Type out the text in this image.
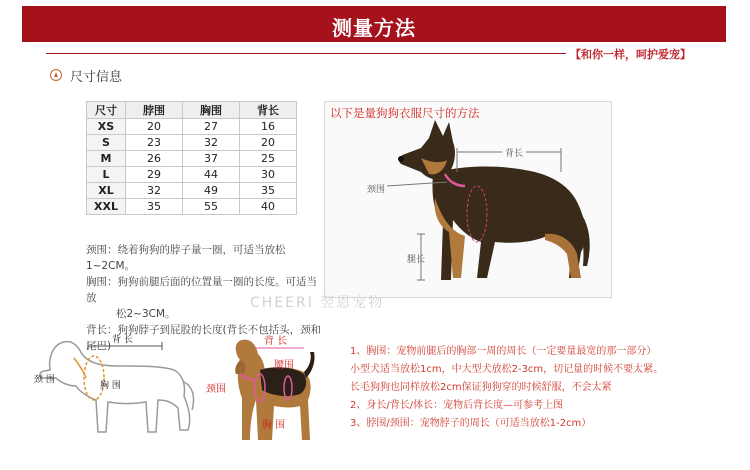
测量方法
【和你一样，呵护爱宠】
尺寸信息
尺寸	脖围	胸围	背长
XS	20	27	16
S	23	32	20
M	26	37	25
L	29	44	30
XL	32	49	35
XXL	35	55	40

颈围：绕着狗狗的脖子量一圈，可适当放松1~2CM。

胸围：狗狗前腿后面的位置量一圈的长度。可适当放

松2~3CM。

背长：狗狗脖子到屁股的长度(背长不包括头，颈和尾巴)

以下是量狗狗衣服尺寸的方法
背长
颈围
腿长
CHEERI 翌恩宠物
背 长
颈 围
胸 围
背 长
腰围
颈围
胸 围

1、胸围：宠物前腿后的胸部一周的周长（一定要量最宽的那一部分）

小型犬适当放松1cm，中大型犬放松2-3cm，切记量的时候不要太紧。

长毛狗狗也同样放松2cm保证狗狗穿的时候舒服，不会太紧

2、身长/背长/体长：宠物后背长度—可参考上图

3、脖围/颈围：宠物脖子的周长（可适当放松1-2cm）
